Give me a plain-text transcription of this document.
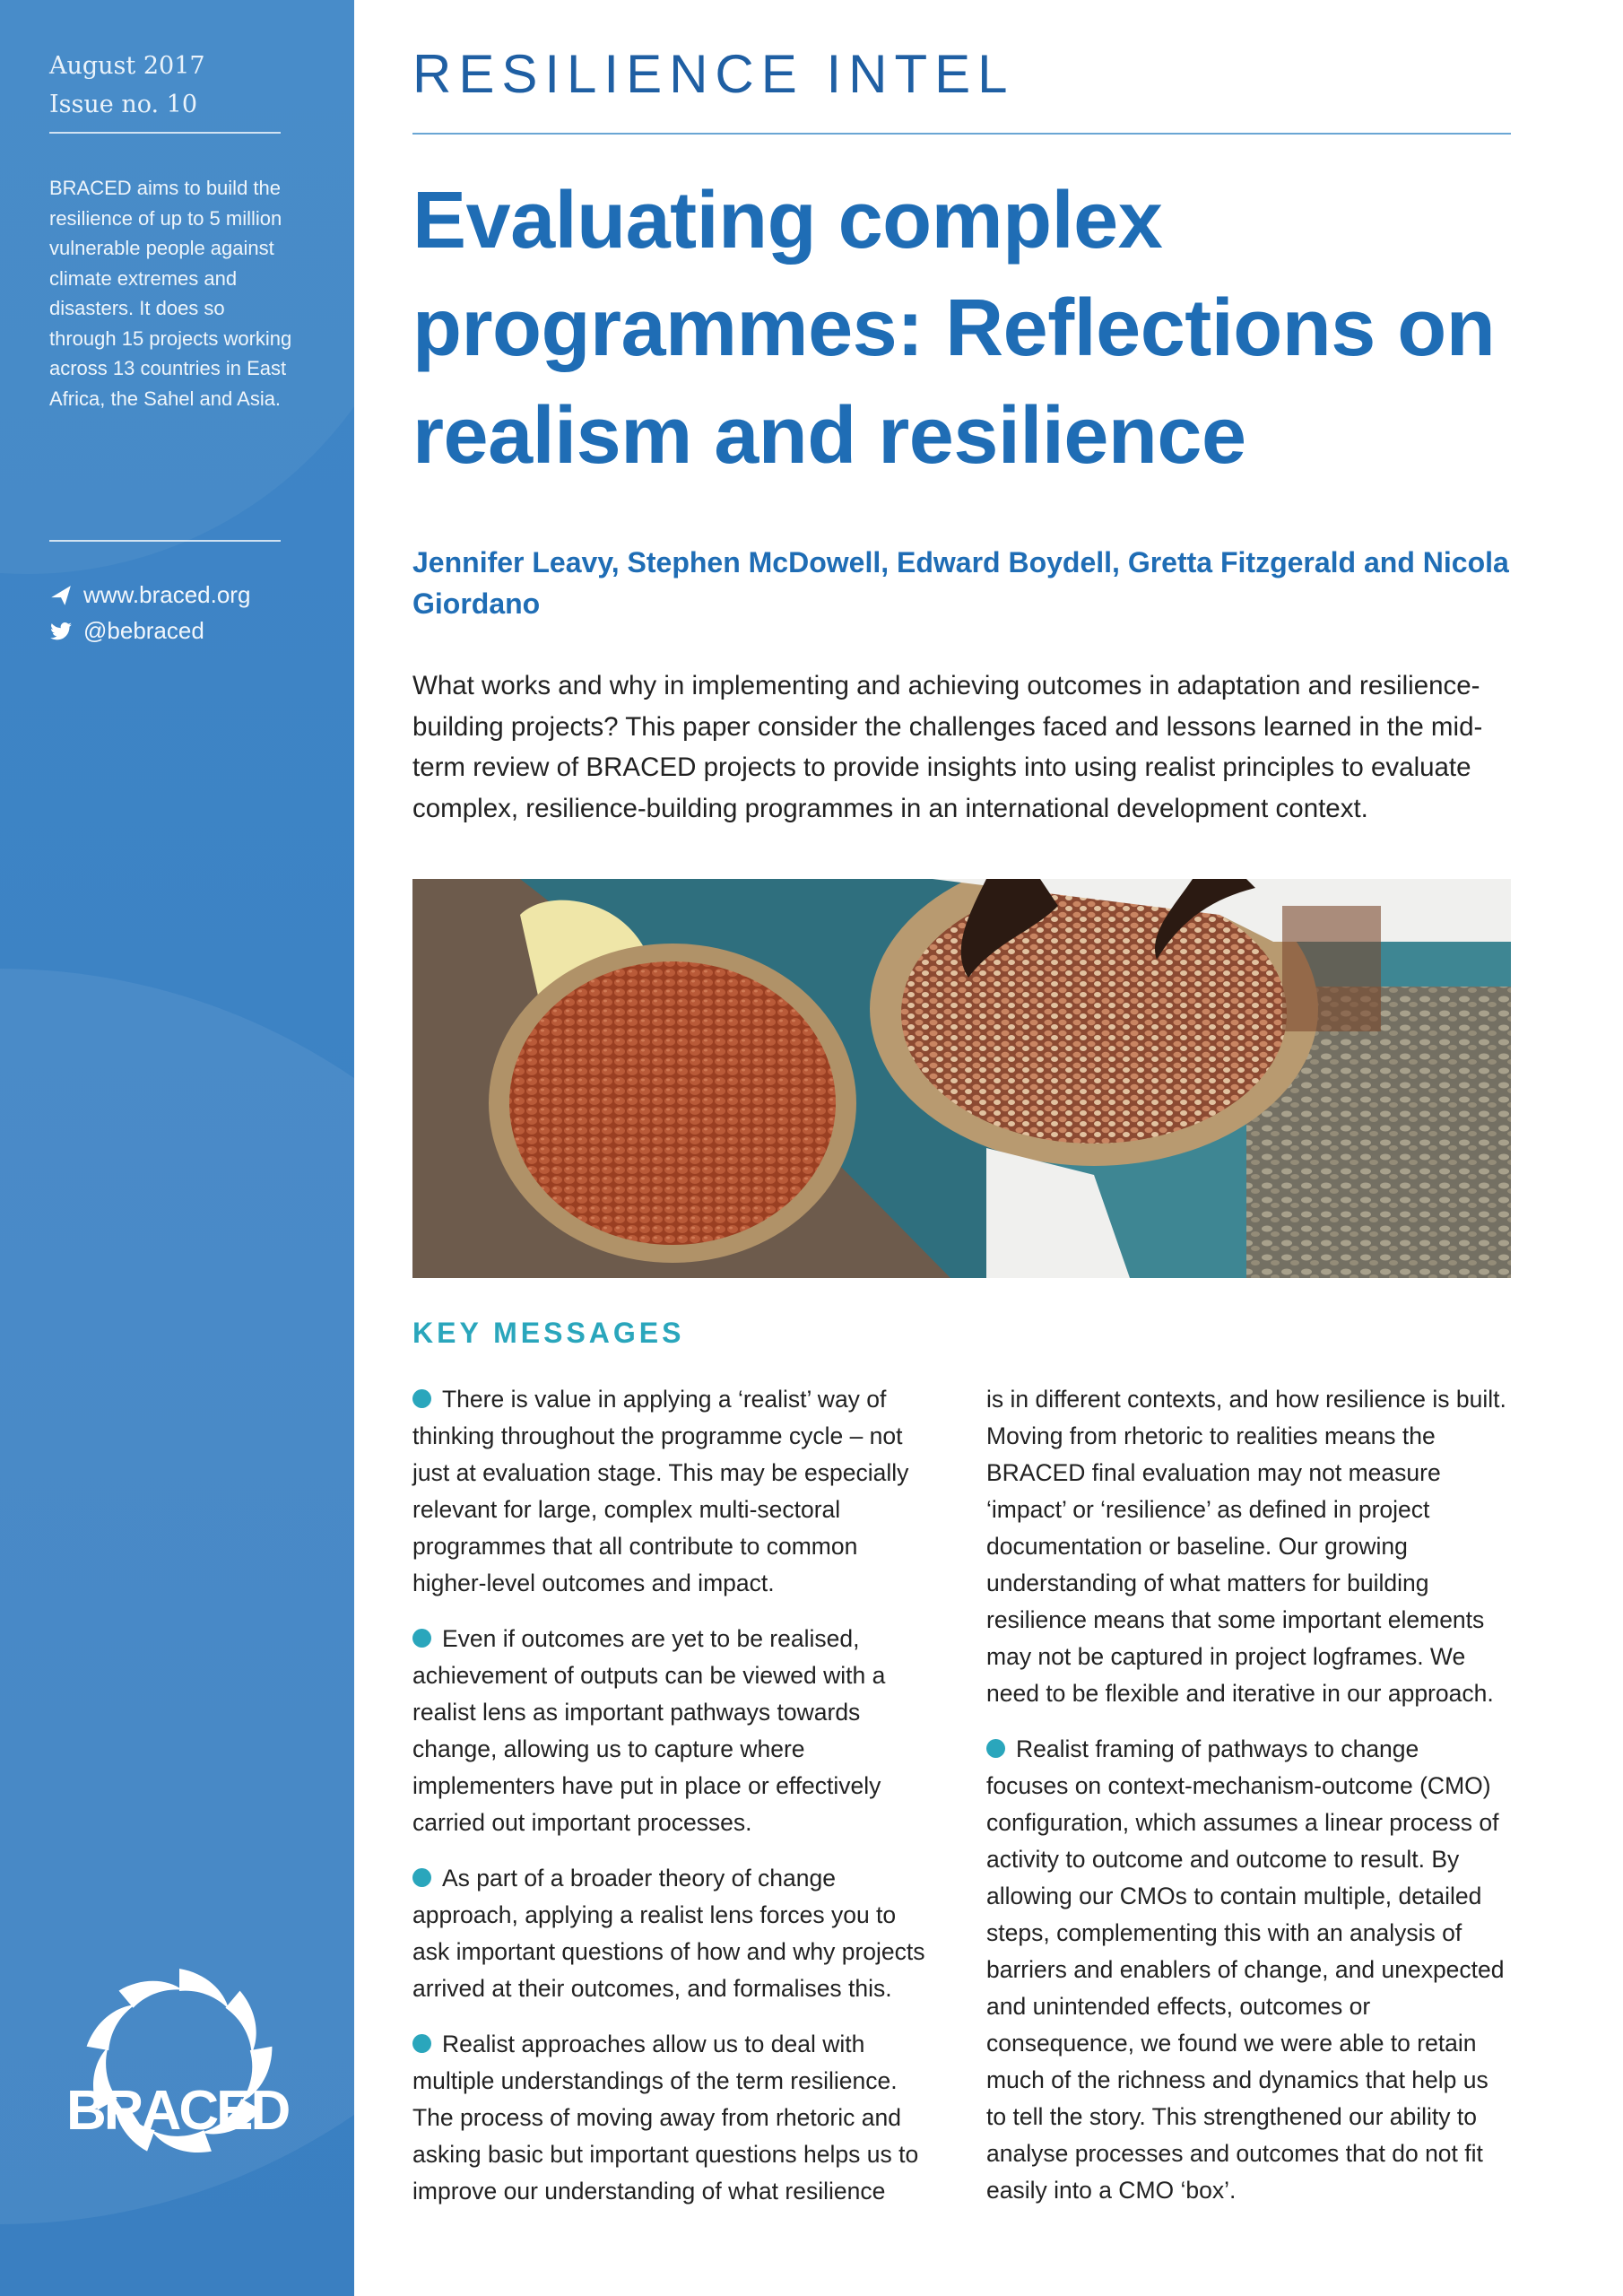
August 2017
Issue no. 10
BRACED aims to build the resilience of up to 5 million vulnerable people against climate extremes and disasters. It does so through 15 projects working across 13 countries in East Africa, the Sahel and Asia.
www.braced.org
@bebraced
BRACED
RESILIENCE INTEL
Evaluating complex programmes: Reflections on realism and resilience
Jennifer Leavy, Stephen McDowell, Edward Boydell, Gretta Fitzgerald and Nicola Giordano
What works and why in implementing and achieving outcomes in adaptation and resilience-building projects? This paper consider the challenges faced and lessons learned in the mid-term review of BRACED projects to provide insights into using realist principles to evaluate complex, resilience-building programmes in an international development context.
KEY MESSAGES

There is value in applying a ‘realist’ way of thinking throughout the programme cycle – not just at evaluation stage. This may be especially relevant for large, complex multi-sectoral programmes that all contribute to common higher-level outcomes and impact.

Even if outcomes are yet to be realised, achievement of outputs can be viewed with a realist lens as important pathways towards change, allowing us to capture where implementers have put in place or effectively carried out important processes.

As part of a broader theory of change approach, applying a realist lens forces you to ask important questions of how and why projects arrived at their outcomes, and formalises this.

Realist approaches allow us to deal with multiple understandings of the term resilience. The process of moving away from rhetoric and asking basic but important questions helps us to improve our understanding of what resilience

is in different contexts, and how resilience is built. Moving from rhetoric to realities means the BRACED final evaluation may not measure ‘impact’ or ‘resilience’ as defined in project documentation or baseline. Our growing understanding of what matters for building resilience means that some important elements may not be captured in project logframes. We need to be flexible and iterative in our approach.

Realist framing of pathways to change focuses on context-mechanism-outcome (CMO) configuration, which assumes a linear process of activity to outcome and outcome to result. By allowing our CMOs to contain multiple, detailed steps, complementing this with an analysis of barriers and enablers of change, and unexpected and unintended effects, outcomes or consequence, we found we were able to retain much of the richness and dynamics that help us to tell the story. This strengthened our ability to analyse processes and outcomes that do not fit easily into a CMO ‘box’.
